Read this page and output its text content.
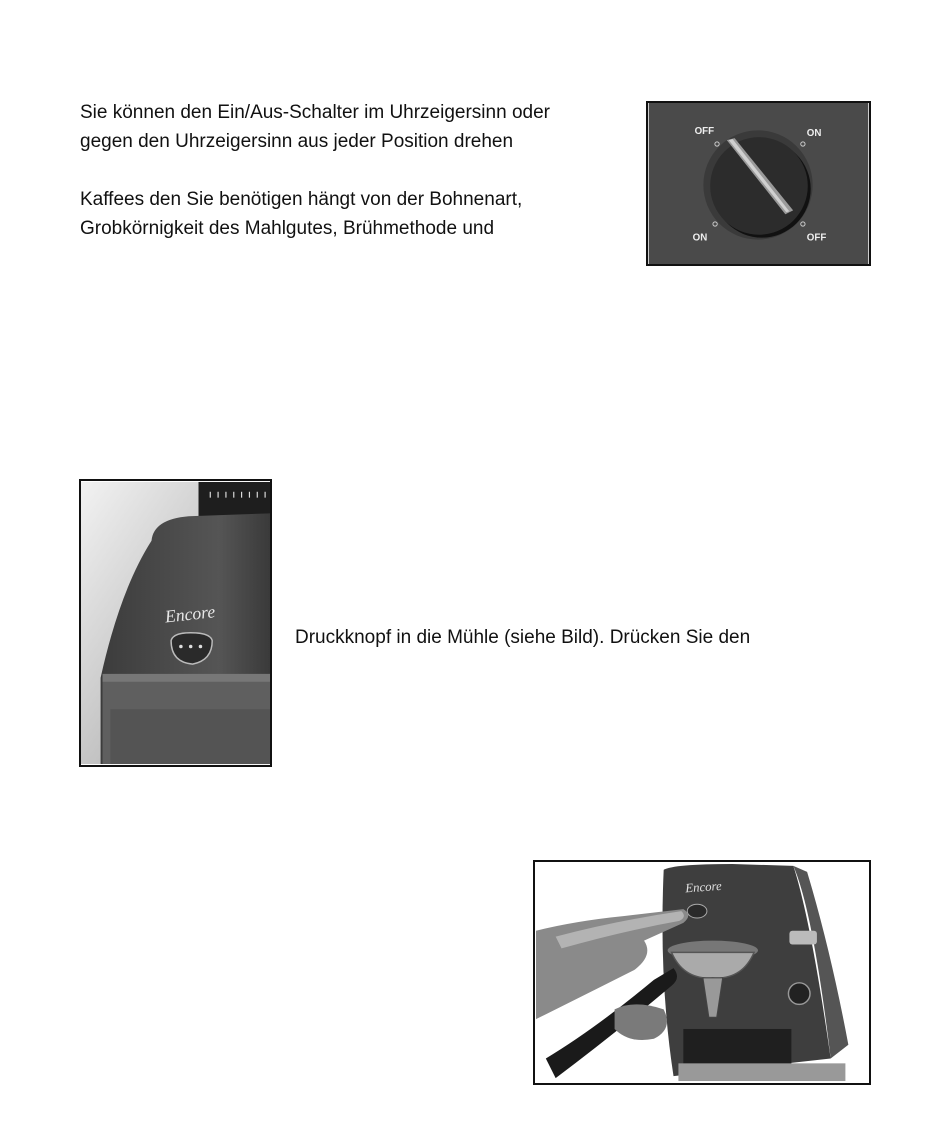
Sie können den Ein/Aus-Schalter im Uhrzeigersinn oder
gegen den Uhrzeigersinn aus jeder Position drehen
Kaffees den Sie benötigen hängt von der Bohnenart,
Grobkörnigkeit des Mahlgutes, Brühmethode und
Druckknopf in die Mühle (siehe Bild). Drücken Sie den
OFF	ON
ON	OFF
Encore
Encore
